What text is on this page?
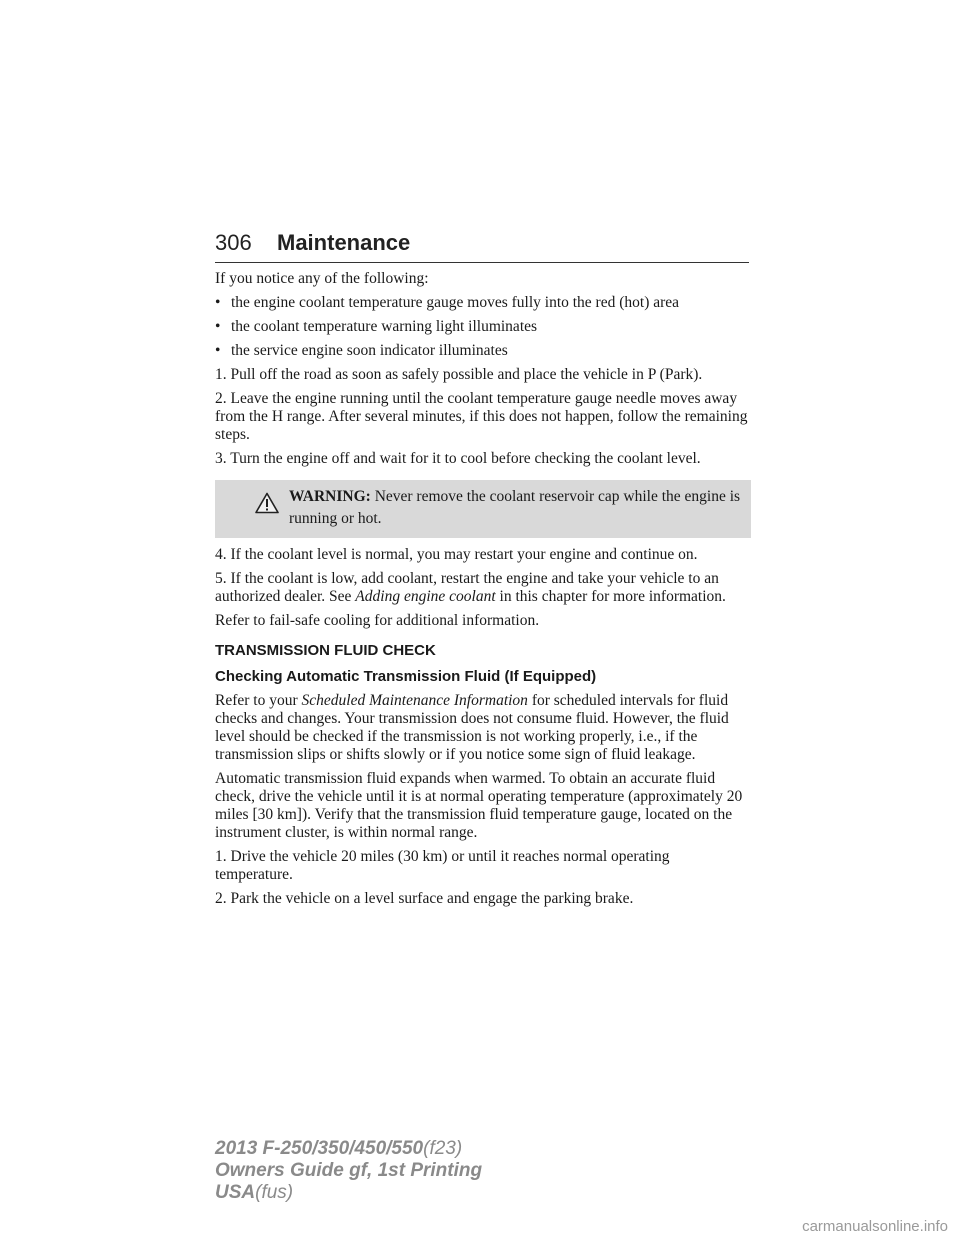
306 Maintenance

If you notice any of the following:

• the engine coolant temperature gauge moves fully into the red (hot) area
• the coolant temperature warning light illuminates
• the service engine soon indicator illuminates

1. Pull off the road as soon as safely possible and place the vehicle in P (Park).

2. Leave the engine running until the coolant temperature gauge needle moves away from the H range. After several minutes, if this does not happen, follow the remaining steps.

3. Turn the engine off and wait for it to cool before checking the coolant level.

WARNING: Never remove the coolant reservoir cap while the engine is running or hot.

4. If the coolant level is normal, you may restart your engine and continue on.

5. If the coolant is low, add coolant, restart the engine and take your vehicle to an authorized dealer. See Adding engine coolant in this chapter for more information.

Refer to fail-safe cooling for additional information.

TRANSMISSION FLUID CHECK
Checking Automatic Transmission Fluid (If Equipped)

Refer to your Scheduled Maintenance Information for scheduled intervals for fluid checks and changes. Your transmission does not consume fluid. However, the fluid level should be checked if the transmission is not working properly, i.e., if the transmission slips or shifts slowly or if you notice some sign of fluid leakage.

Automatic transmission fluid expands when warmed. To obtain an accurate fluid check, drive the vehicle until it is at normal operating temperature (approximately 20 miles [30 km]). Verify that the transmission fluid temperature gauge, located on the instrument cluster, is within normal range.

1. Drive the vehicle 20 miles (30 km) or until it reaches normal operating temperature.

2. Park the vehicle on a level surface and engage the parking brake.

2013 F-250/350/450/550(f23)
Owners Guide gf, 1st Printing
USA(fus)
carmanualsonline.info
